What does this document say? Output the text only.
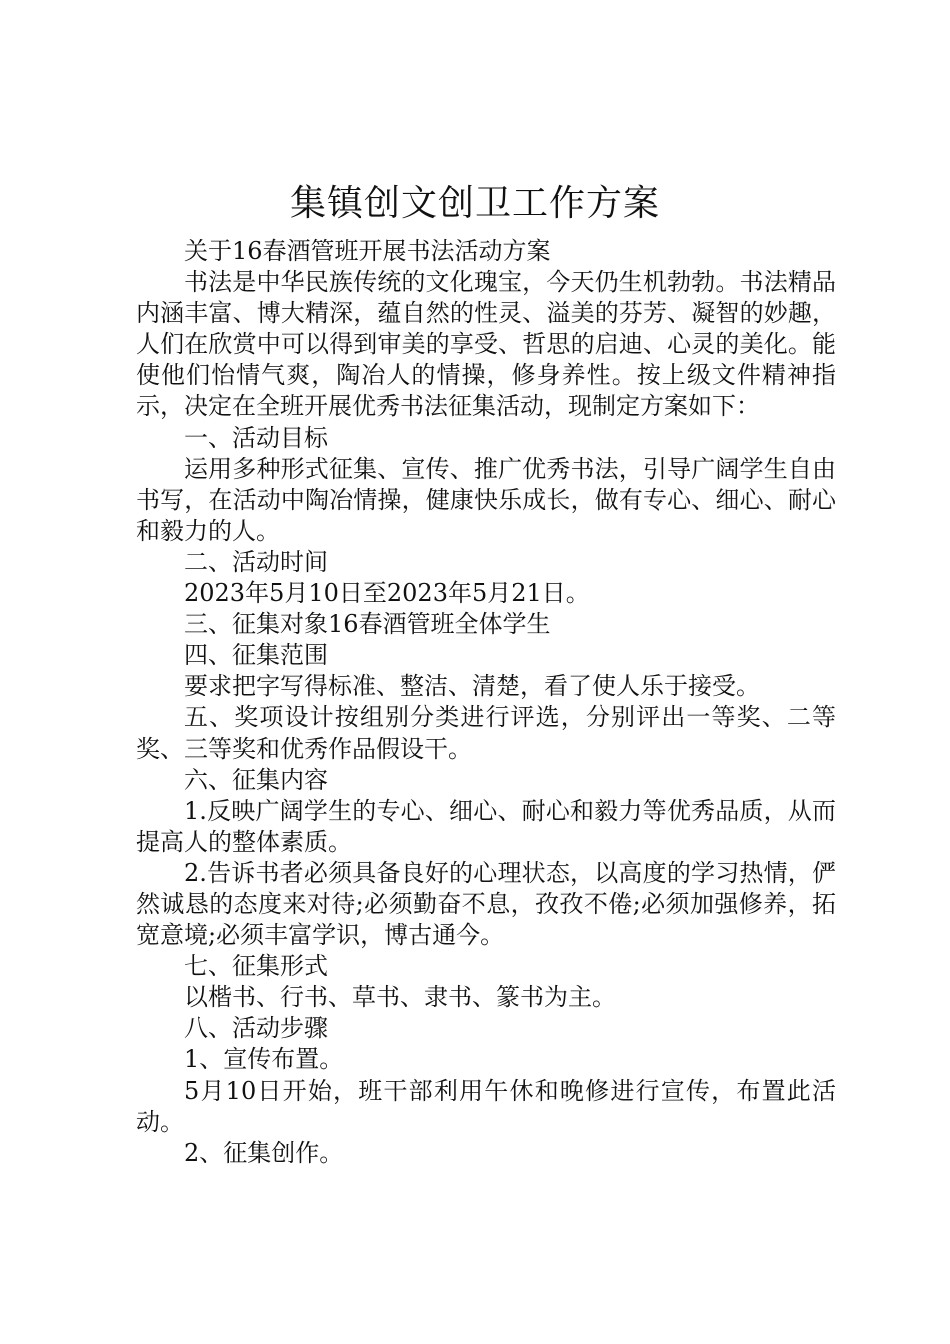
集镇创文创卫工作方案

关于16春酒管班开展书法活动方案

书法是中华民族传统的文化瑰宝，今天仍生机勃勃。书法精品内涵丰富、博大精深，蕴自然的性灵、溢美的芬芳、凝智的妙趣，人们在欣赏中可以得到审美的享受、哲思的启迪、心灵的美化。能使他们怡情气爽，陶冶人的情操，修身养性。按上级文件精神指示，决定在全班开展优秀书法征集活动，现制定方案如下：

一、活动目标

运用多种形式征集、宣传、推广优秀书法，引导广阔学生自由书写，在活动中陶冶情操，健康快乐成长，做有专心、细心、耐心和毅力的人。

二、活动时间

2023年5月10日至2023年5月21日。

三、征集对象16春酒管班全体学生

四、征集范围

要求把字写得标准、整洁、清楚，看了使人乐于接受。

五、奖项设计按组别分类进行评选，分别评出一等奖、二等奖、三等奖和优秀作品假设干。

六、征集内容

1.反映广阔学生的专心、细心、耐心和毅力等优秀品质，从而提高人的整体素质。

2.告诉书者必须具备良好的心理状态，以高度的学习热情，俨然诚恳的态度来对待;必须勤奋不息，孜孜不倦;必须加强修养，拓宽意境;必须丰富学识，博古通今。

七、征集形式

以楷书、行书、草书、隶书、篆书为主。

八、活动步骤

1、宣传布置。

5月10日开始，班干部利用午休和晚修进行宣传，布置此活动。

2、征集创作。
